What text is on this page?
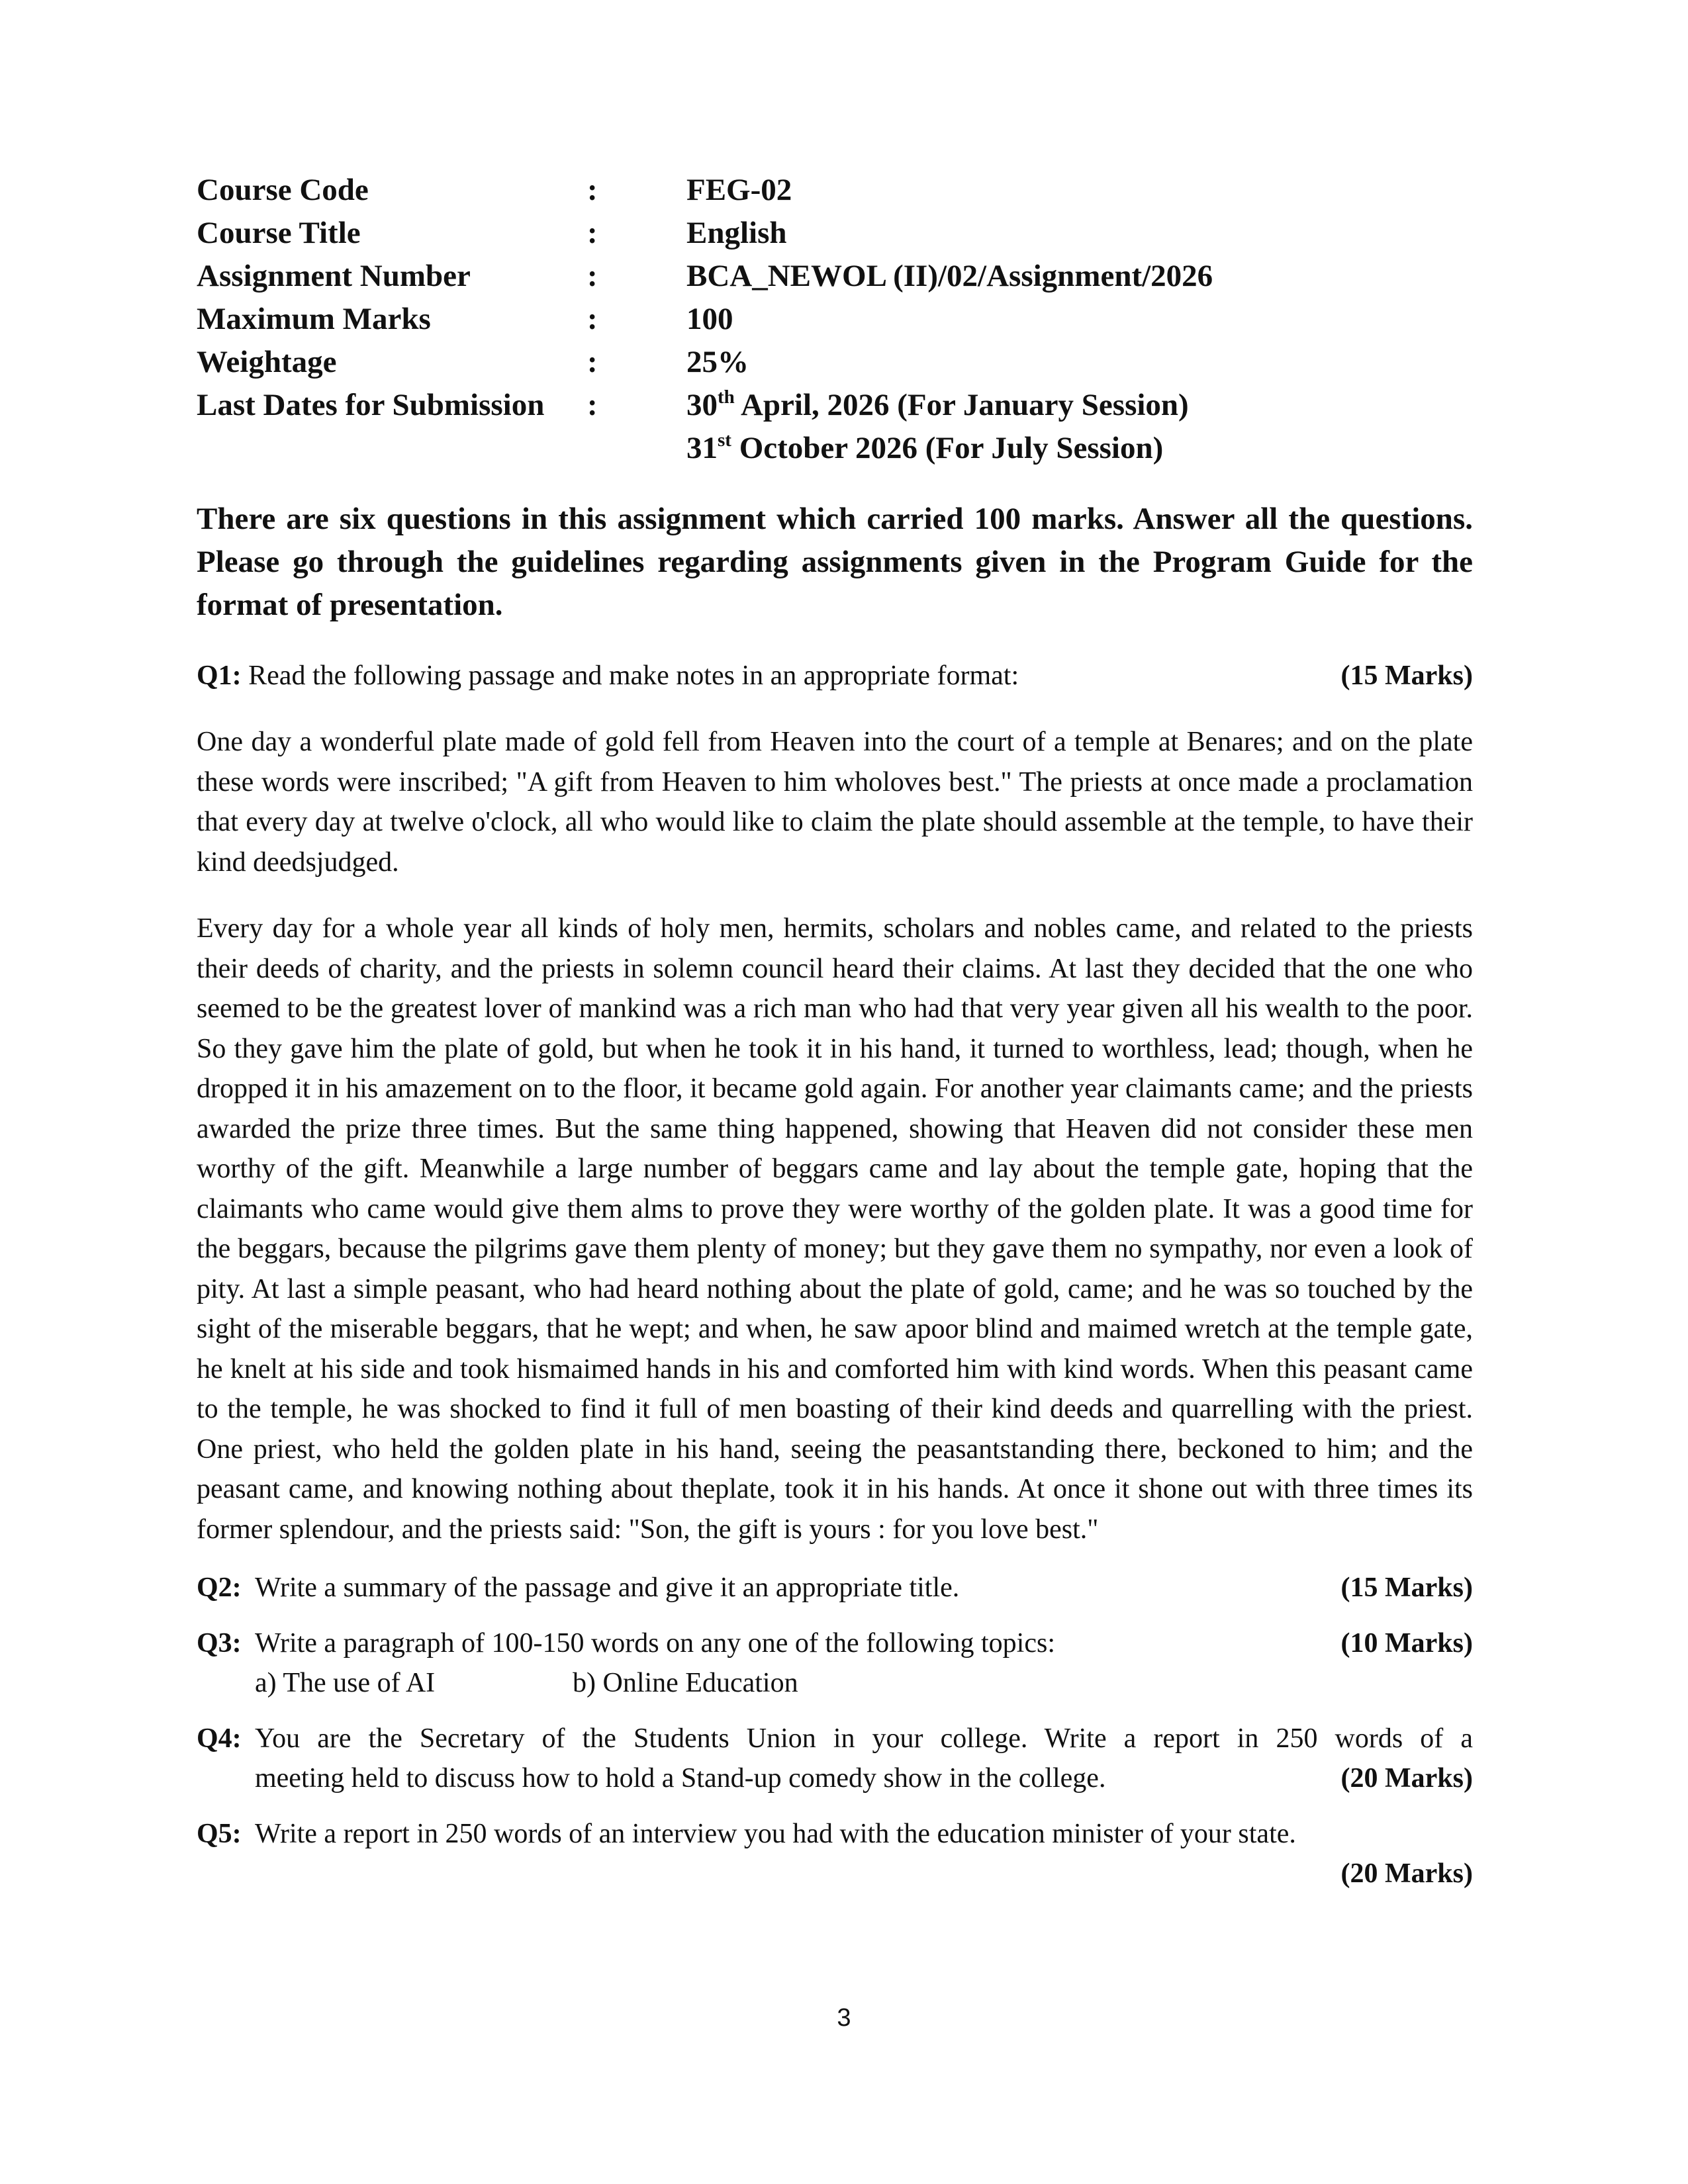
Course Code	:	FEG-02
Course Title	:	English
Assignment Number	:	BCA_NEWOL (II)/02/Assignment/2026
Maximum Marks	:	100
Weightage	:	25%
Last Dates for Submission	:	30th April, 2026 (For January Session)
31st October 2026 (For July Session)

There are six questions in this assignment which carried 100 marks. Answer all the questions. Please go through the guidelines regarding assignments given in the Program Guide for the format of presentation.

(15 Marks)
Q1: Read the following passage and make notes in an appropriate format:

One day a wonderful plate made of gold fell from Heaven into the court of a temple at Benares; and on the plate these words were inscribed; "A gift from Heaven to him wholoves best." The priests at once made a proclamation that every day at twelve o'clock, all who would like to claim the plate should assemble at the temple, to have their kind deedsjudged.

Every day for a whole year all kinds of holy men, hermits, scholars and nobles came, and related to the priests their deeds of charity, and the priests in solemn council heard their claims. At last they decided that the one who seemed to be the greatest lover of mankind was a rich man who had that very year given all his wealth to the poor. So they gave him the plate of gold, but when he took it in his hand, it turned to worthless, lead; though, when he dropped it in his amazement on to the floor, it became gold again. For another year claimants came; and the priests awarded the prize three times. But the same thing happened, showing that Heaven did not consider these men worthy of the gift. Meanwhile a large number of beggars came and lay about the temple gate, hoping that the claimants who came would give them alms to prove they were worthy of the golden plate. It was a good time for the beggars, because the pilgrims gave them plenty of money; but they gave them no sympathy, nor even a look of pity. At last a simple peasant, who had heard nothing about the plate of gold, came; and he was so touched by the sight of the miserable beggars, that he wept; and when, he saw apoor blind and maimed wretch at the temple gate, he knelt at his side and took hismaimed hands in his and comforted him with kind words. When this peasant came to the temple, he was shocked to find it full of men boasting of their kind deeds and quarrelling with the priest. One priest, who held the golden plate in his hand, seeing the peasantstanding there, beckoned to him; and the peasant came, and knowing nothing about theplate, took it in his hands. At once it shone out with three times its former splendour, and the priests said: "Son, the gift is yours : for you love best."

Q2:	(15 Marks)
Write a summary of the passage and give it an appropriate title.
Q3:	(10 Marks)
Write a paragraph of 100-150 words on any one of the following topics:
a) The use of AI	b) Online Education
Q4: You are the Secretary of the Students Union in your college. Write a report in 250 words of a
(20 Marks)
meeting held to discuss how to hold a Stand-up comedy show in the college.
Q5: Write a report in 250 words of an interview you had with the education minister of your state.
(20 Marks)
3
